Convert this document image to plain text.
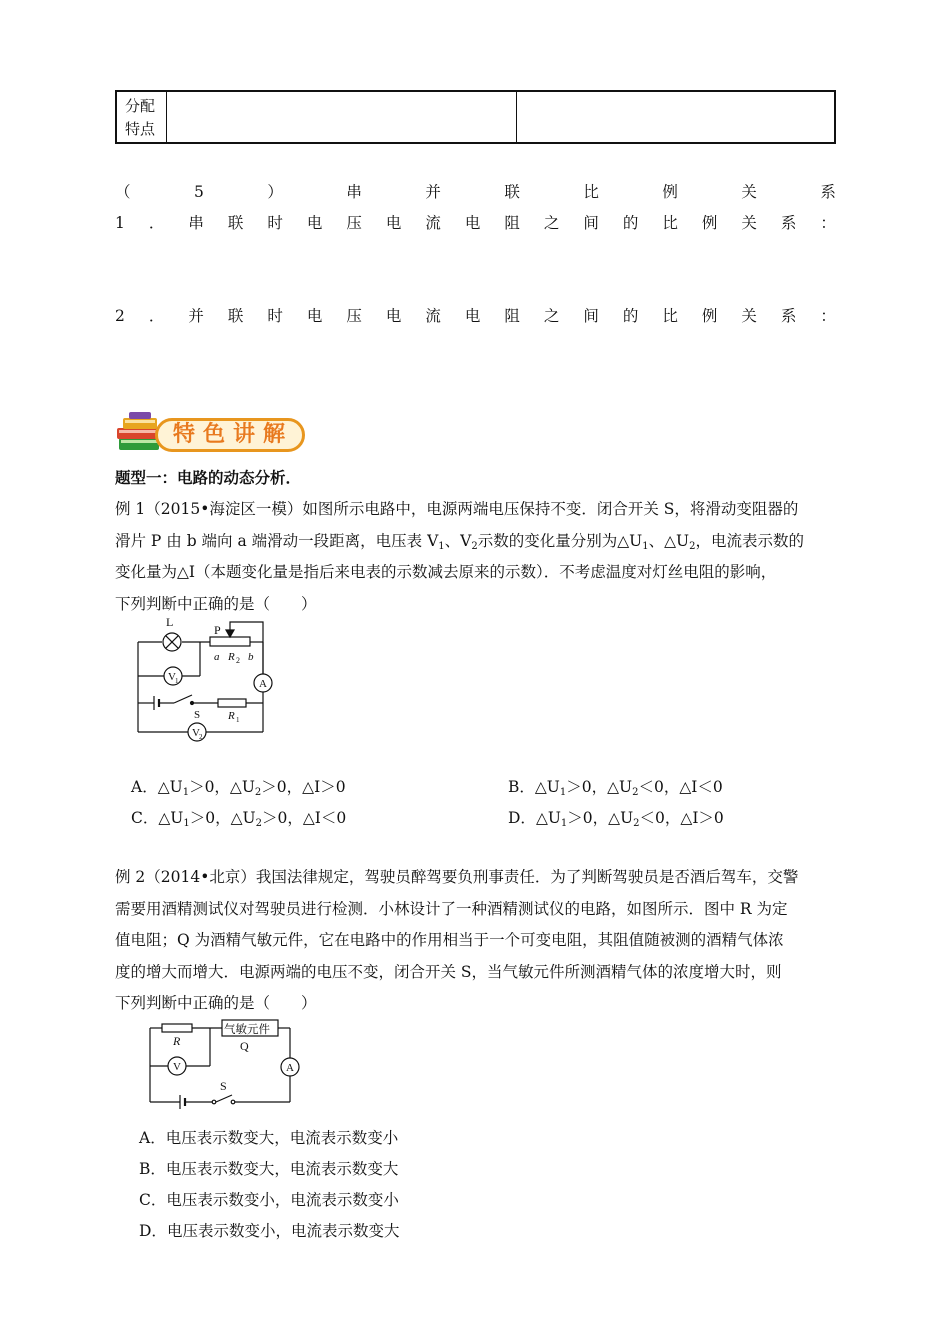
分配
特点
（	5	）	串	并	联	比	例	关	系
1 ． 串 联 时 电 压 电 流 电 阻 之 间 的 比 例 关 系 ：
2 ． 并 联 时 电 压 电 流 电 阻 之 间 的 比 例 关 系 ：
特色讲解
题型一：电路的动态分析．
例 1（2015•海淀区一模）如图所示电路中，电源两端电压保持不变．闭合开关 S，将滑动变阻器的
滑片 P 由 b 端向 a 端滑动一段距离，电压表 $V_1$、$V_2$示数的变化量分别为$\triangle U_1$、$\triangle U_2$，电流表示数的
变化量为△I（本题变化量是指后来电表的示数减去原来的示数）．不考虑温度对灯丝电阻的影响，
下列判断中正确的是（　　）
L
P
a R 2 b
V 1	A
S	R 1
V 2
A．$\triangle U_1>0$，$\triangle U_2>0$，△I＞0	B．$\triangle U_1>0$，$\triangle U_2<0$，△I＜0
C．$\triangle U_1>0$，$\triangle U_2>0$，△I＜0	D．$\triangle U_1>0$，$\triangle U_2<0$，△I＞0
例 2（2014•北京）我国法律规定，驾驶员醉驾要负刑事责任．为了判断驾驶员是否酒后驾车，交警
需要用酒精测试仪对驾驶员进行检测．小林设计了一种酒精测试仪的电路，如图所示．图中 R 为定
值电阻；Q 为酒精气敏元件，它在电路中的作用相当于一个可变电阻，其阻值随被测的酒精气体浓
度的增大而增大．电源两端的电压不变，闭合开关 S，当气敏元件所测酒精气体的浓度增大时，则
下列判断中正确的是（　　）
R
气敏元件
Q
V	A
S
A．电压表示数变大，电流表示数变小
B．电压表示数变大，电流表示数变大
C．电压表示数变小，电流表示数变小
D．电压表示数变小，电流表示数变大
